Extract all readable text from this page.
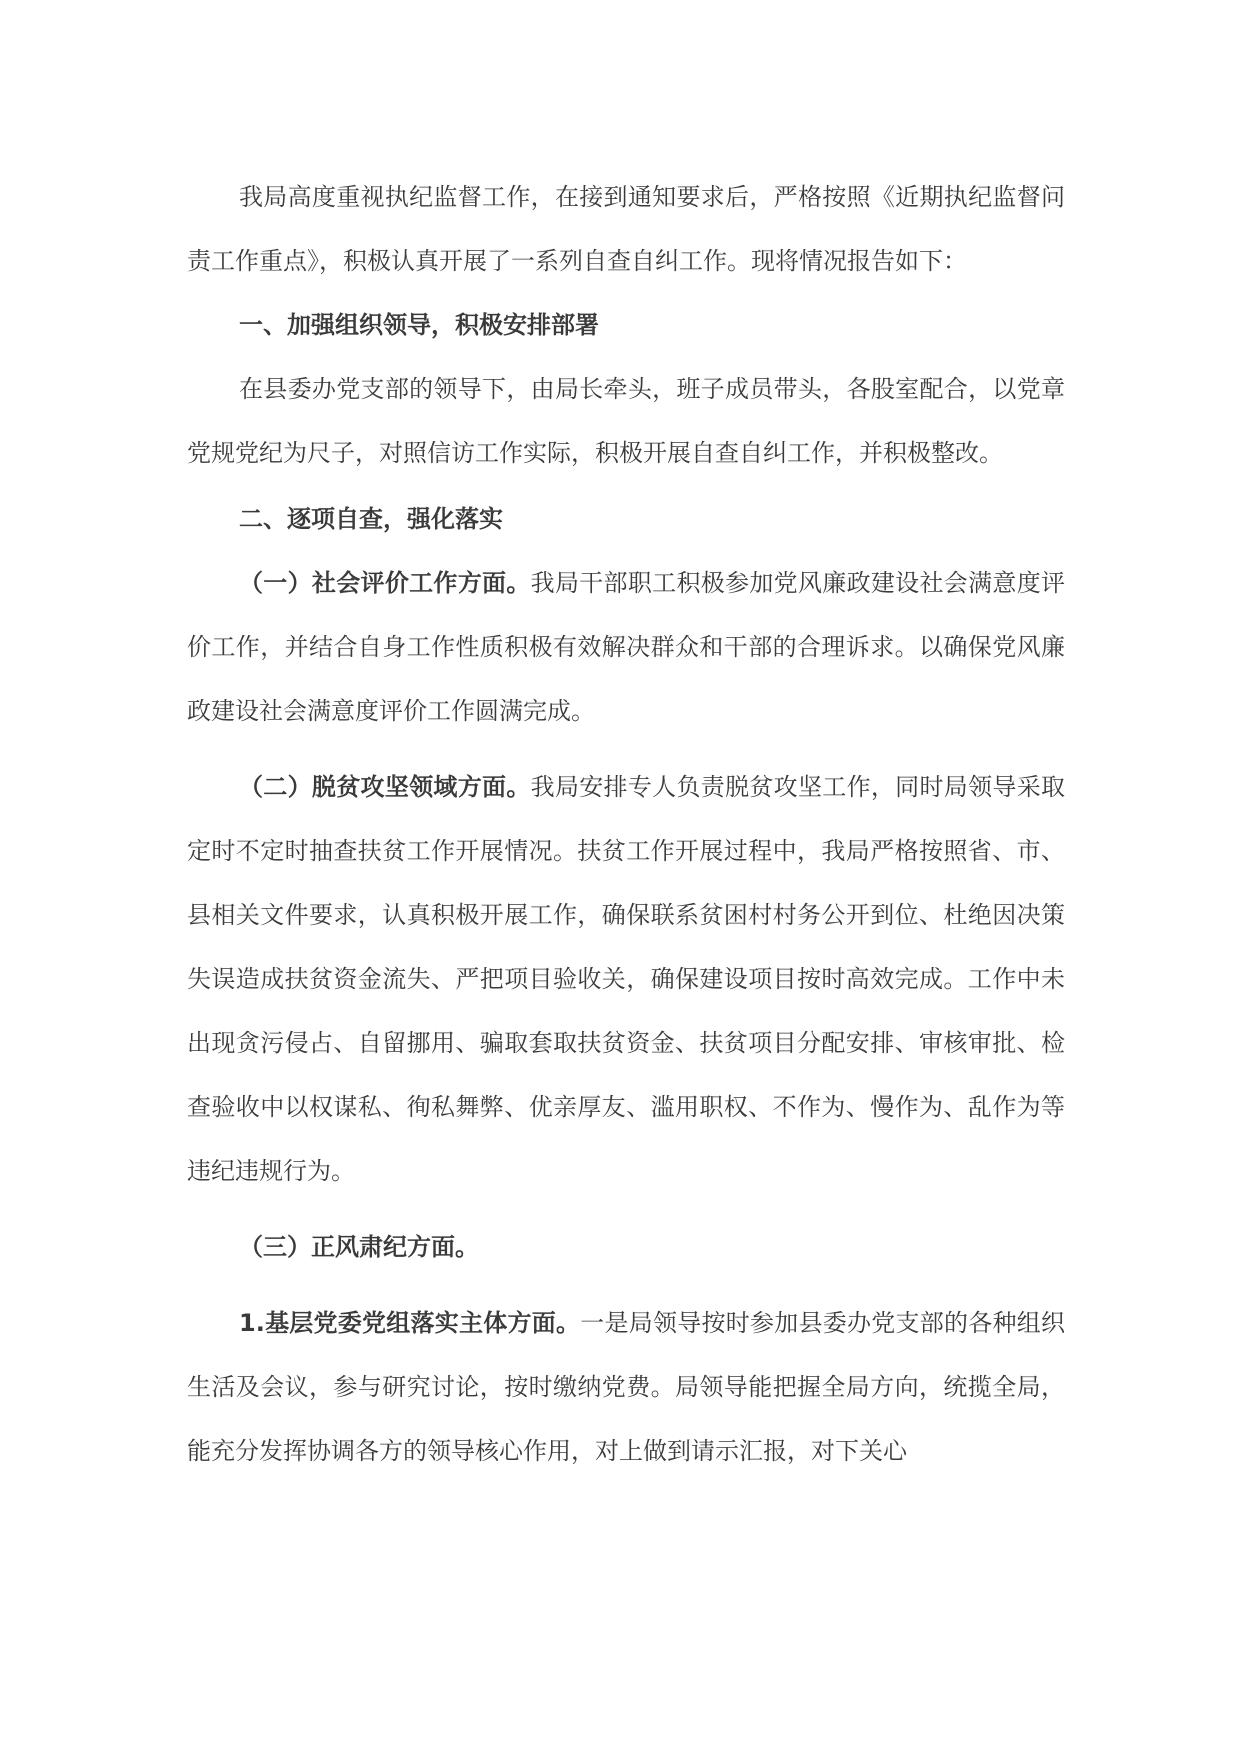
我局高度重视执纪监督工作，在接到通知要求后，严格按照《近期执纪监督问责工作重点》，积极认真开展了一系列自查自纠工作。现将情况报告如下：

一、加强组织领导，积极安排部署

在县委办党支部的领导下，由局长牵头，班子成员带头，各股室配合，以党章党规党纪为尺子，对照信访工作实际，积极开展自查自纠工作，并积极整改。

二、逐项自查，强化落实

（一）社会评价工作方面。我局干部职工积极参加党风廉政建设社会满意度评价工作，并结合自身工作性质积极有效解决群众和干部的合理诉求。以确保党风廉政建设社会满意度评价工作圆满完成。

（二）脱贫攻坚领域方面。我局安排专人负责脱贫攻坚工作，同时局领导采取定时不定时抽查扶贫工作开展情况。扶贫工作开展过程中，我局严格按照省、市、县相关文件要求，认真积极开展工作，确保联系贫困村村务公开到位、杜绝因决策失误造成扶贫资金流失、严把项目验收关，确保建设项目按时高效完成。工作中未出现贪污侵占、自留挪用、骗取套取扶贫资金、扶贫项目分配安排、审核审批、检查验收中以权谋私、徇私舞弊、优亲厚友、滥用职权、不作为、慢作为、乱作为等违纪违规行为。

（三）正风肃纪方面。

1.基层党委党组落实主体方面。一是局领导按时参加县委办党支部的各种组织生活及会议，参与研究讨论，按时缴纳党费。局领导能把握全局方向，统揽全局，能充分发挥协调各方的领导核心作用，对上做到请示汇报，对下关心
